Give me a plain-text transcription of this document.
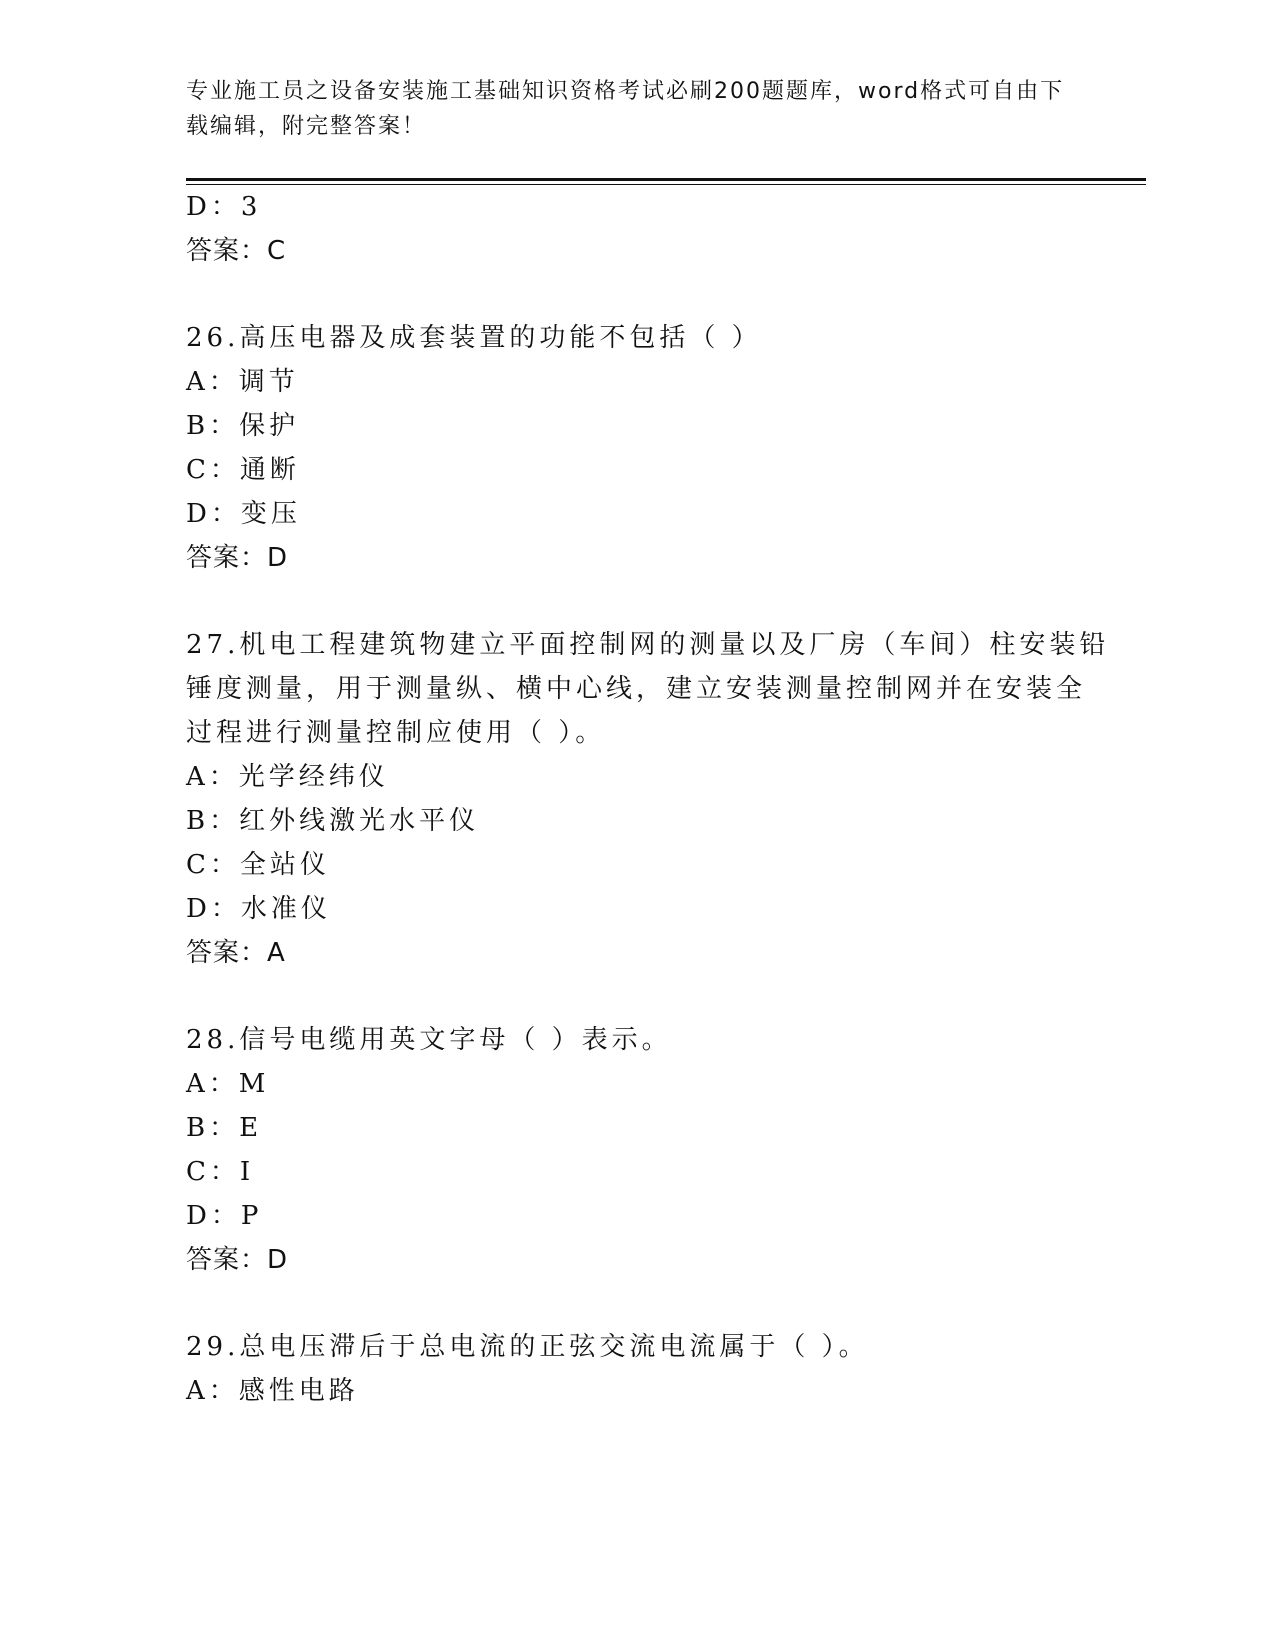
专业施工员之设备安装施工基础知识资格考试必刷200题题库，word格式可自由下载编辑，附完整答案！

D：3

答案：C

26.高压电器及成套装置的功能不包括（ ）

A：调节

B：保护

C：通断

D：变压

答案：D

27.机电工程建筑物建立平面控制网的测量以及厂房（车间）柱安装铅

锤度测量，用于测量纵、横中心线，建立安装测量控制网并在安装全

过程进行测量控制应使用（ ）。

A：光学经纬仪

B：红外线激光水平仪

C：全站仪

D：水准仪

答案：A

28.信号电缆用英文字母（ ）表示。

A：M

B：E

C：I

D：P

答案：D

29.总电压滞后于总电流的正弦交流电流属于（ ）。

A：感性电路
